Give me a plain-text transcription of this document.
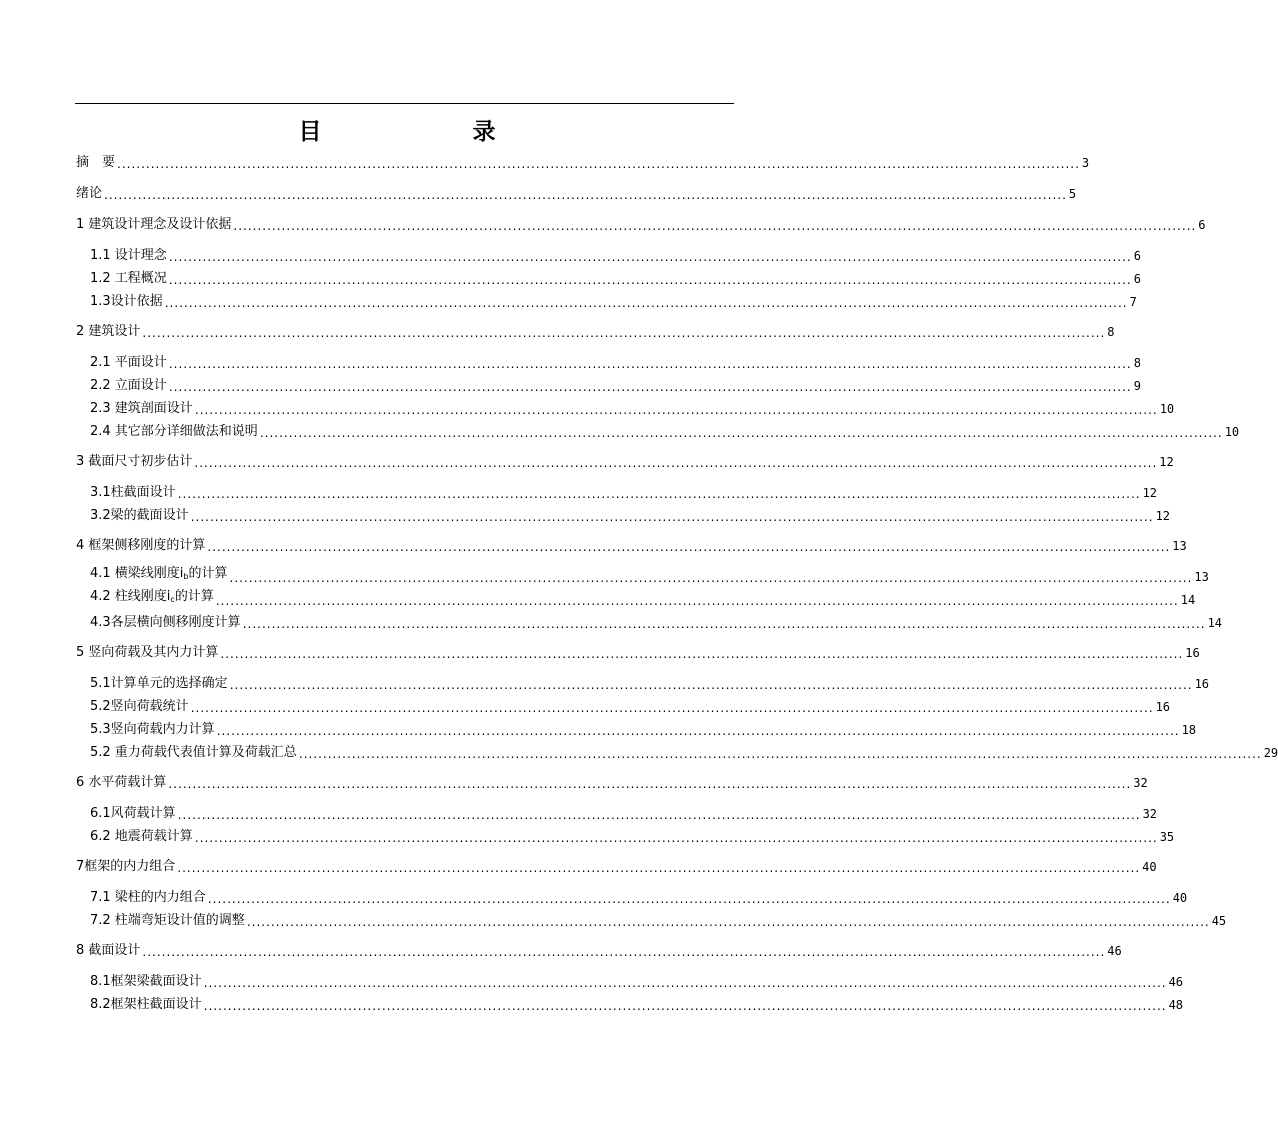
目　录
摘　要 ........................................................................................................................................................................................................ 3
绪论 ........................................................................................................................................................................................................ 5
1 建筑设计理念及设计依据 ........................................................................................................................................................................................................ 6
1.1 设计理念 ........................................................................................................................................................................................................ 6
1.2 工程概况 ........................................................................................................................................................................................................ 6
1.3设计依据 ........................................................................................................................................................................................................ 7
2 建筑设计 ........................................................................................................................................................................................................ 8
2.1 平面设计 ........................................................................................................................................................................................................ 8
2.2 立面设计 ........................................................................................................................................................................................................ 9
2.3 建筑剖面设计 ........................................................................................................................................................................................................ 10
2.4 其它部分详细做法和说明 ........................................................................................................................................................................................................ 10
3 截面尺寸初步估计 ........................................................................................................................................................................................................ 12
3.1柱截面设计 ........................................................................................................................................................................................................ 12
3.2梁的截面设计 ........................................................................................................................................................................................................ 12
4 框架侧移刚度的计算 ........................................................................................................................................................................................................ 13
4.1 横梁线刚度$i_b$的计算 ........................................................................................................................................................................................................ 13
4.2 柱线刚度$i_c$的计算 ........................................................................................................................................................................................................ 14
4.3各层横向侧移刚度计算 ........................................................................................................................................................................................................ 14
5 竖向荷载及其内力计算 ........................................................................................................................................................................................................ 16
5.1计算单元的选择确定 ........................................................................................................................................................................................................ 16
5.2竖向荷载统计 ........................................................................................................................................................................................................ 16
5.3竖向荷载内力计算 ........................................................................................................................................................................................................ 18
5.2 重力荷载代表值计算及荷载汇总 ........................................................................................................................................................................................................ 29
6 水平荷载计算 ........................................................................................................................................................................................................ 32
6.1风荷载计算 ........................................................................................................................................................................................................ 32
6.2 地震荷载计算 ........................................................................................................................................................................................................ 35
7框架的内力组合 ........................................................................................................................................................................................................ 40
7.1 梁柱的内力组合 ........................................................................................................................................................................................................ 40
7.2 柱端弯矩设计值的调整 ........................................................................................................................................................................................................ 45
8 截面设计 ........................................................................................................................................................................................................ 46
8.1框架梁截面设计 ........................................................................................................................................................................................................ 46
8.2框架柱截面设计 ........................................................................................................................................................................................................ 48
